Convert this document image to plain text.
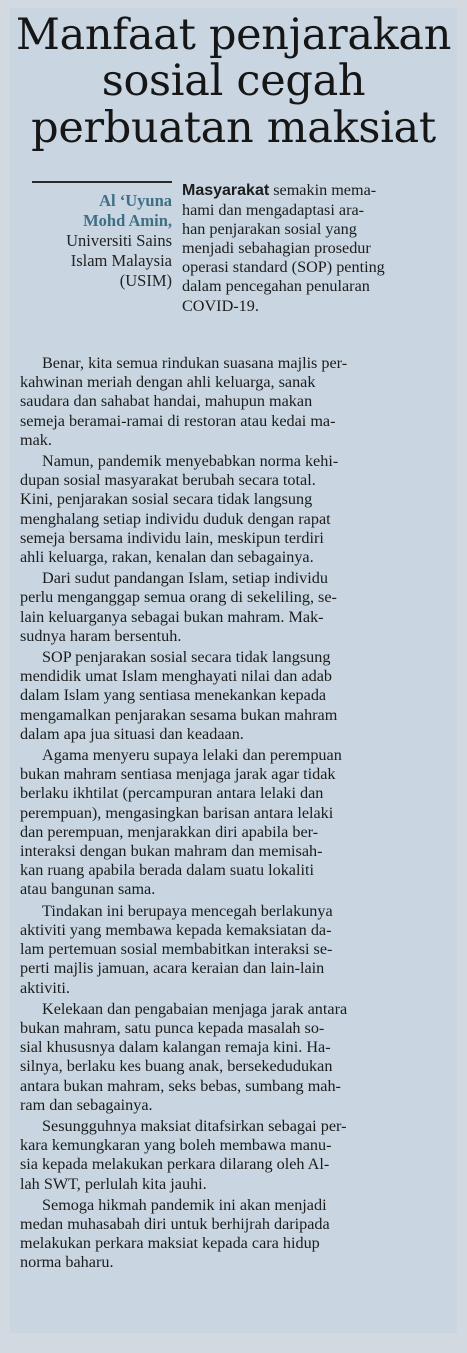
Manfaat penjarakan
sosial cegah
perbuatan maksiat
Al ‘Uyuna
Mohd Amin,
Universiti Sains
Islam Malaysia
(USIM)

Masyarakat semakin mema-
hami dan mengadaptasi ara-
han penjarakan sosial yang
menjadi sebahagian prosedur
operasi standard (SOP) penting
dalam pencegahan penularan
COVID-19.

Benar, kita semua rindukan suasana majlis per-
kahwinan meriah dengan ahli keluarga, sanak
saudara dan sahabat handai, mahupun makan
semeja beramai-ramai di restoran atau kedai ma-
mak.

Namun, pandemik menyebabkan norma kehi-
dupan sosial masyarakat berubah secara total.
Kini, penjarakan sosial secara tidak langsung
menghalang setiap individu duduk dengan rapat
semeja bersama individu lain, meskipun terdiri
ahli keluarga, rakan, kenalan dan sebagainya.

Dari sudut pandangan Islam, setiap individu
perlu menganggap semua orang di sekeliling, se-
lain keluarganya sebagai bukan mahram. Mak-
sudnya haram bersentuh.

SOP penjarakan sosial secara tidak langsung
mendidik umat Islam menghayati nilai dan adab
dalam Islam yang sentiasa menekankan kepada
mengamalkan penjarakan sesama bukan mahram
dalam apa jua situasi dan keadaan.

Agama menyeru supaya lelaki dan perempuan
bukan mahram sentiasa menjaga jarak agar tidak
berlaku ikhtilat (percampuran antara lelaki dan
perempuan), mengasingkan barisan antara lelaki
dan perempuan, menjarakkan diri apabila ber-
interaksi dengan bukan mahram dan memisah-
kan ruang apabila berada dalam suatu lokaliti
atau bangunan sama.

Tindakan ini berupaya mencegah berlakunya
aktiviti yang membawa kepada kemaksiatan da-
lam pertemuan sosial membabitkan interaksi se-
perti majlis jamuan, acara keraian dan lain-lain
aktiviti.

Kelekaan dan pengabaian menjaga jarak antara
bukan mahram, satu punca kepada masalah so-
sial khususnya dalam kalangan remaja kini. Ha-
silnya, berlaku kes buang anak, bersekedudukan
antara bukan mahram, seks bebas, sumbang mah-
ram dan sebagainya.

Sesungguhnya maksiat ditafsirkan sebagai per-
kara kemungkaran yang boleh membawa manu-
sia kepada melakukan perkara dilarang oleh Al-
lah SWT, perlulah kita jauhi.

Semoga hikmah pandemik ini akan menjadi
medan muhasabah diri untuk berhijrah daripada
melakukan perkara maksiat kepada cara hidup
norma baharu.
